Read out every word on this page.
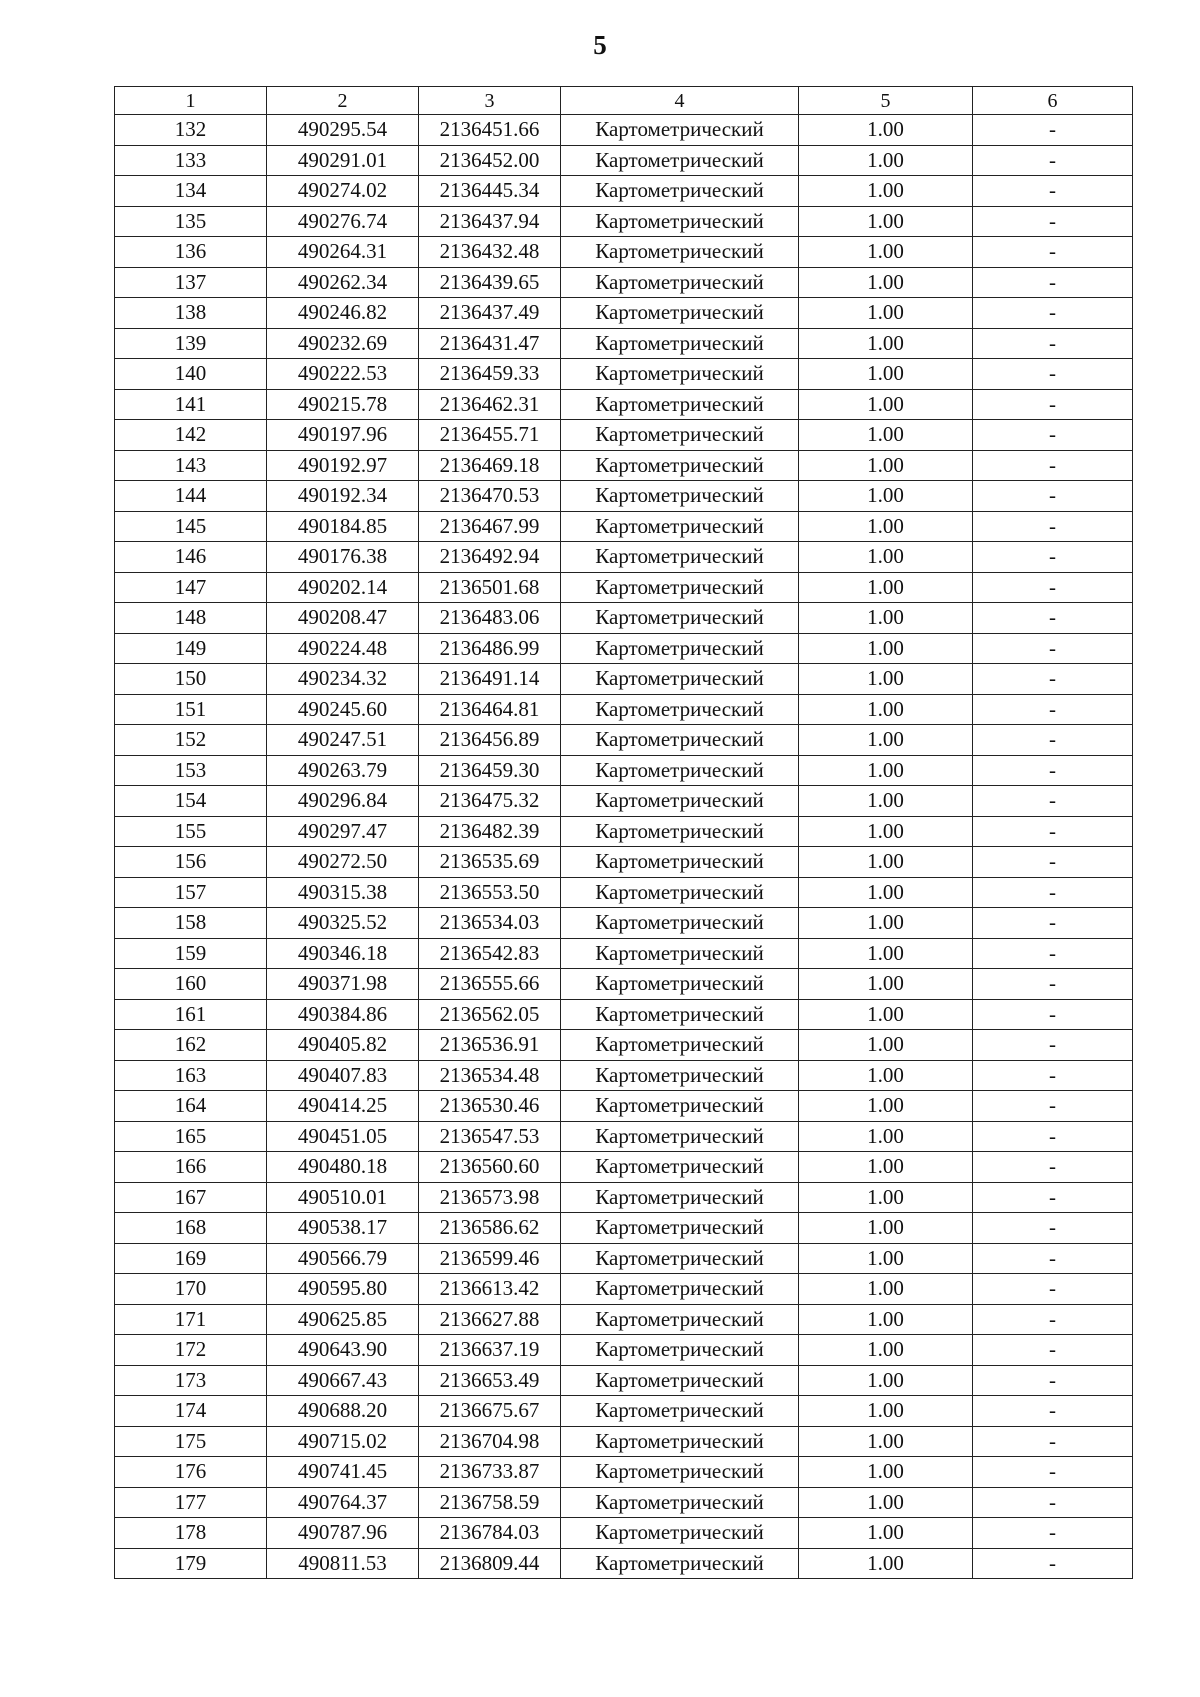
5
1	2	3	4	5	6
132	490295.54	2136451.66	Картометрический	1.00	-
133	490291.01	2136452.00	Картометрический	1.00	-
134	490274.02	2136445.34	Картометрический	1.00	-
135	490276.74	2136437.94	Картометрический	1.00	-
136	490264.31	2136432.48	Картометрический	1.00	-
137	490262.34	2136439.65	Картометрический	1.00	-
138	490246.82	2136437.49	Картометрический	1.00	-
139	490232.69	2136431.47	Картометрический	1.00	-
140	490222.53	2136459.33	Картометрический	1.00	-
141	490215.78	2136462.31	Картометрический	1.00	-
142	490197.96	2136455.71	Картометрический	1.00	-
143	490192.97	2136469.18	Картометрический	1.00	-
144	490192.34	2136470.53	Картометрический	1.00	-
145	490184.85	2136467.99	Картометрический	1.00	-
146	490176.38	2136492.94	Картометрический	1.00	-
147	490202.14	2136501.68	Картометрический	1.00	-
148	490208.47	2136483.06	Картометрический	1.00	-
149	490224.48	2136486.99	Картометрический	1.00	-
150	490234.32	2136491.14	Картометрический	1.00	-
151	490245.60	2136464.81	Картометрический	1.00	-
152	490247.51	2136456.89	Картометрический	1.00	-
153	490263.79	2136459.30	Картометрический	1.00	-
154	490296.84	2136475.32	Картометрический	1.00	-
155	490297.47	2136482.39	Картометрический	1.00	-
156	490272.50	2136535.69	Картометрический	1.00	-
157	490315.38	2136553.50	Картометрический	1.00	-
158	490325.52	2136534.03	Картометрический	1.00	-
159	490346.18	2136542.83	Картометрический	1.00	-
160	490371.98	2136555.66	Картометрический	1.00	-
161	490384.86	2136562.05	Картометрический	1.00	-
162	490405.82	2136536.91	Картометрический	1.00	-
163	490407.83	2136534.48	Картометрический	1.00	-
164	490414.25	2136530.46	Картометрический	1.00	-
165	490451.05	2136547.53	Картометрический	1.00	-
166	490480.18	2136560.60	Картометрический	1.00	-
167	490510.01	2136573.98	Картометрический	1.00	-
168	490538.17	2136586.62	Картометрический	1.00	-
169	490566.79	2136599.46	Картометрический	1.00	-
170	490595.80	2136613.42	Картометрический	1.00	-
171	490625.85	2136627.88	Картометрический	1.00	-
172	490643.90	2136637.19	Картометрический	1.00	-
173	490667.43	2136653.49	Картометрический	1.00	-
174	490688.20	2136675.67	Картометрический	1.00	-
175	490715.02	2136704.98	Картометрический	1.00	-
176	490741.45	2136733.87	Картометрический	1.00	-
177	490764.37	2136758.59	Картометрический	1.00	-
178	490787.96	2136784.03	Картометрический	1.00	-
179	490811.53	2136809.44	Картометрический	1.00	-
